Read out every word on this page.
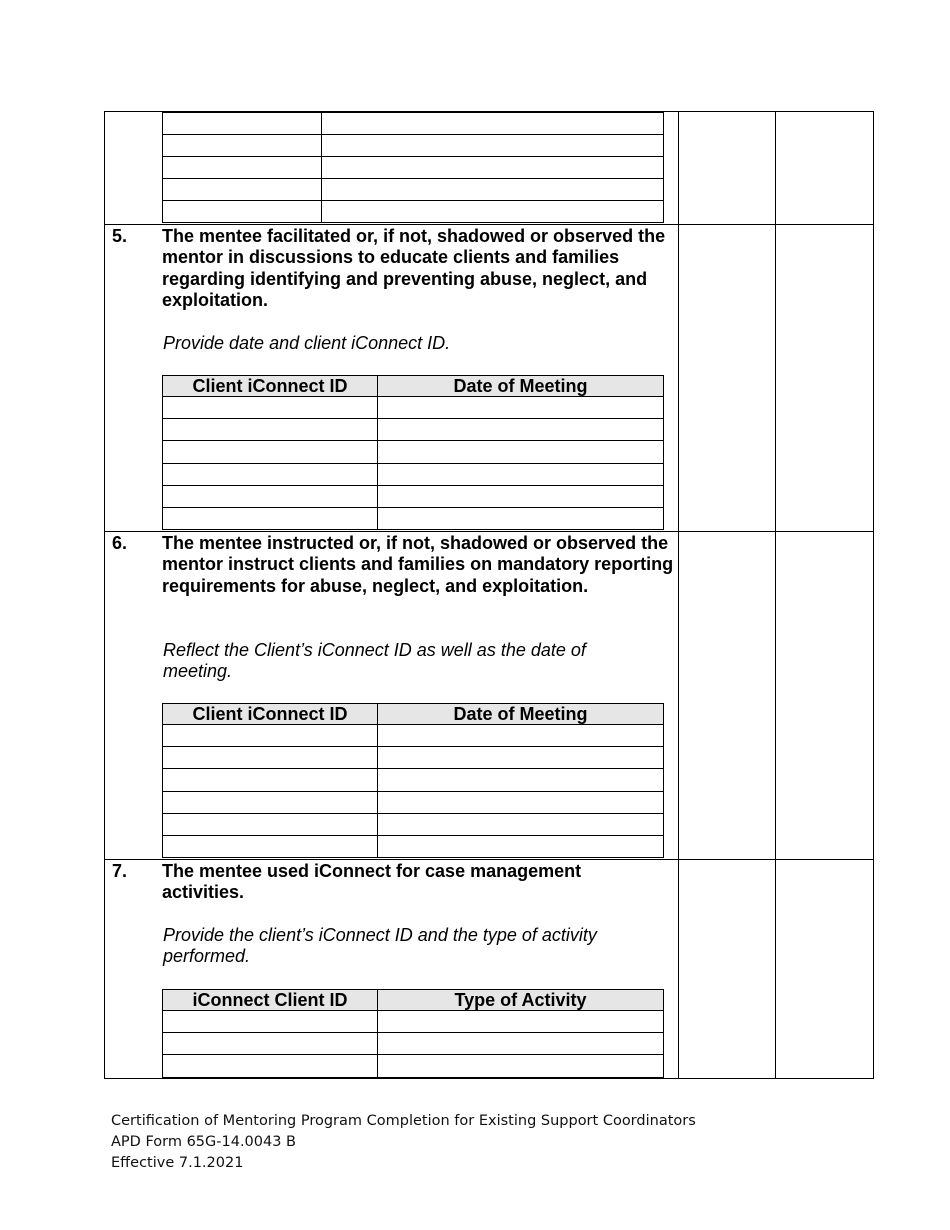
5. The mentee facilitated or, if not, shadowed or observed the mentor in discussions to educate clients and families regarding identifying and preventing abuse, neglect, and exploitation.

Provide date and client iConnect ID.

Client iConnect ID	Date of Meeting

6. The mentee instructed or, if not, shadowed or observed the mentor instruct clients and families on mandatory reporting requirements for abuse, neglect, and exploitation.

Reflect the Client’s iConnect ID as well as the date of meeting.

Client iConnect ID	Date of Meeting

7. The mentee used iConnect for case management activities.

Provide the client’s iConnect ID and the type of activity performed.

iConnect Client ID	Type of Activity

Certification of Mentoring Program Completion for Existing Support Coordinators
APD Form 65G-14.0043 B
Effective 7.1.2021
